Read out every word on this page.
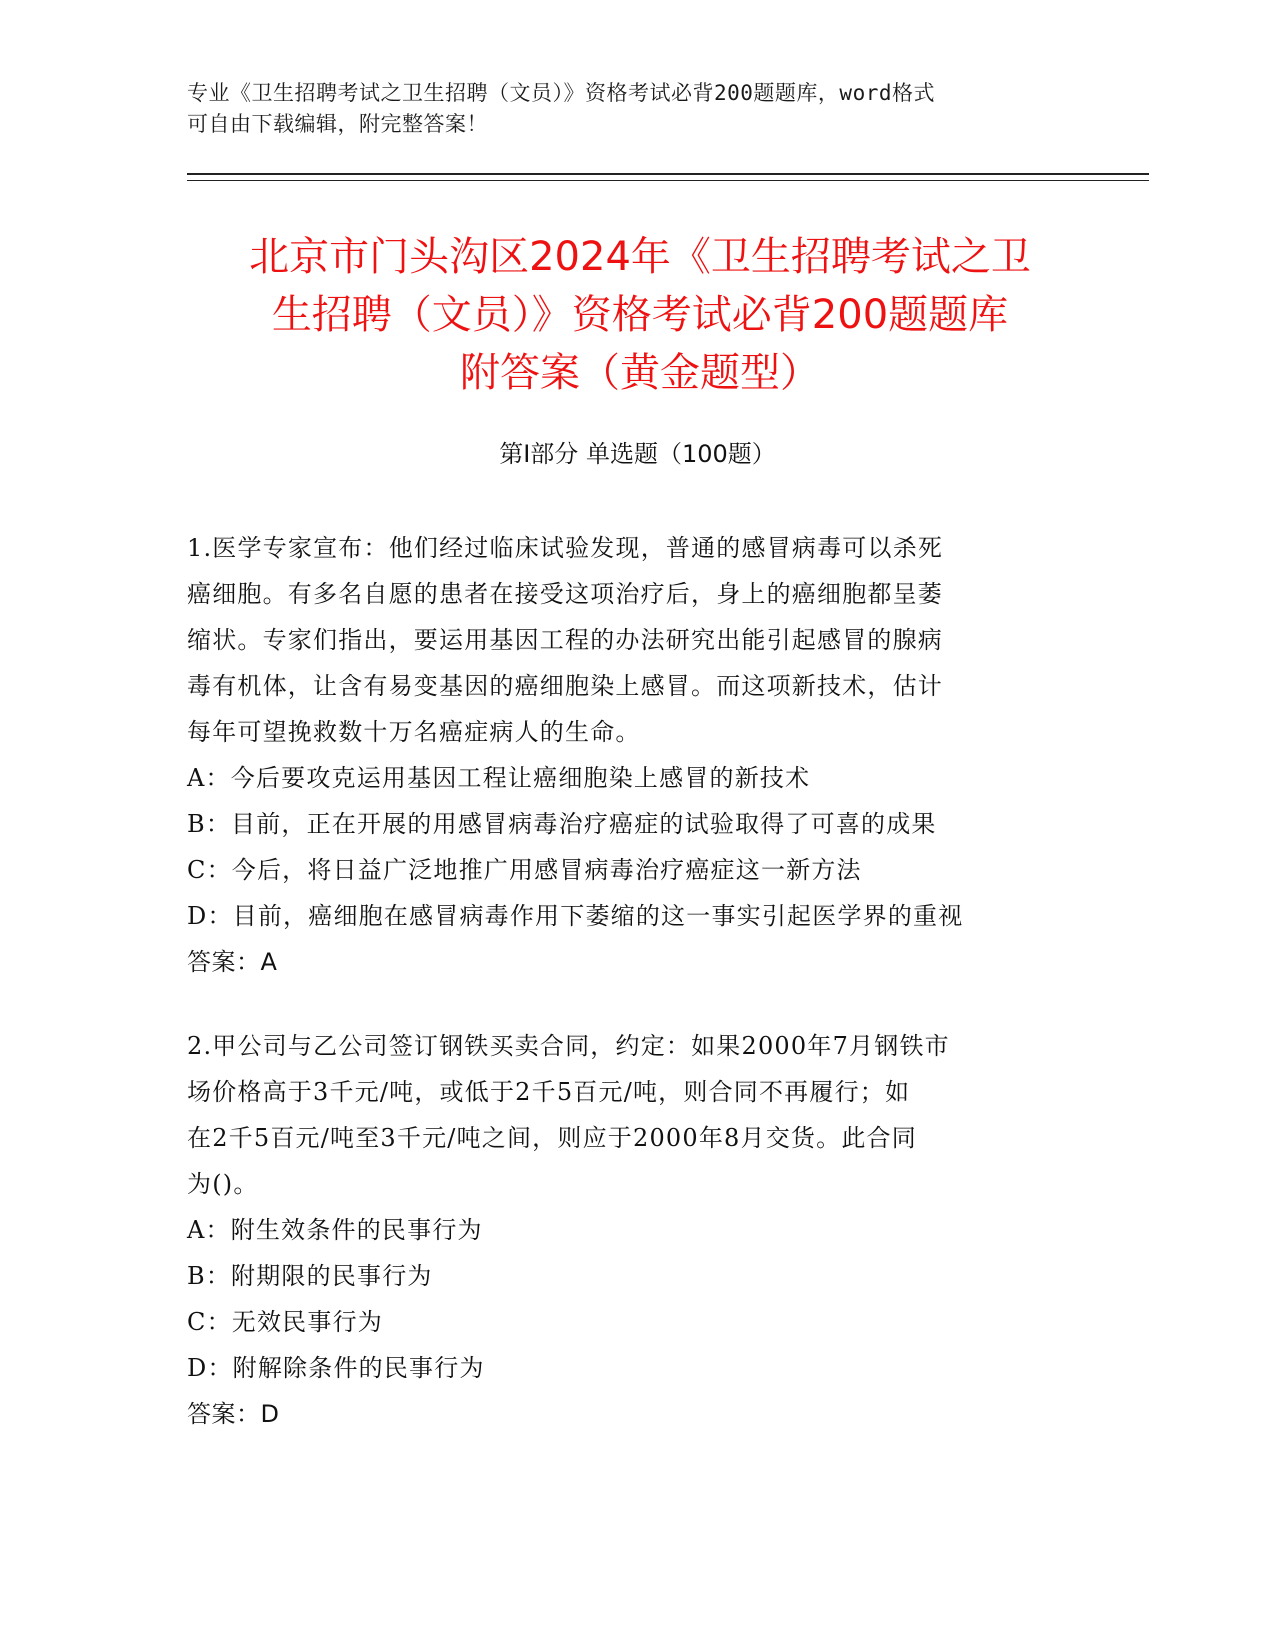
专业《卫生招聘考试之卫生招聘（文员）》资格考试必背200题题库，word格式
可自由下载编辑，附完整答案！
北京市门头沟区2024年《卫生招聘考试之卫
生招聘（文员）》资格考试必背200题题库
附答案（黄金题型）
第Ⅰ部分 单选题（100题）
1.医学专家宣布：他们经过临床试验发现，普通的感冒病毒可以杀死
癌细胞。有多名自愿的患者在接受这项治疗后，身上的癌细胞都呈萎
缩状。专家们指出，要运用基因工程的办法研究出能引起感冒的腺病
毒有机体，让含有易变基因的癌细胞染上感冒。而这项新技术，估计
每年可望挽救数十万名癌症病人的生命。
A：今后要攻克运用基因工程让癌细胞染上感冒的新技术
B：目前，正在开展的用感冒病毒治疗癌症的试验取得了可喜的成果
C：今后，将日益广泛地推广用感冒病毒治疗癌症这一新方法
D：目前，癌细胞在感冒病毒作用下萎缩的这一事实引起医学界的重视
答案：A
2.甲公司与乙公司签订钢铁买卖合同，约定：如果2000年7月钢铁市
场价格高于3千元/吨，或低于2千5百元/吨，则合同不再履行；如
在2千5百元/吨至3千元/吨之间，则应于2000年8月交货。此合同
为()。
A：附生效条件的民事行为
B：附期限的民事行为
C：无效民事行为
D：附解除条件的民事行为
答案：D
